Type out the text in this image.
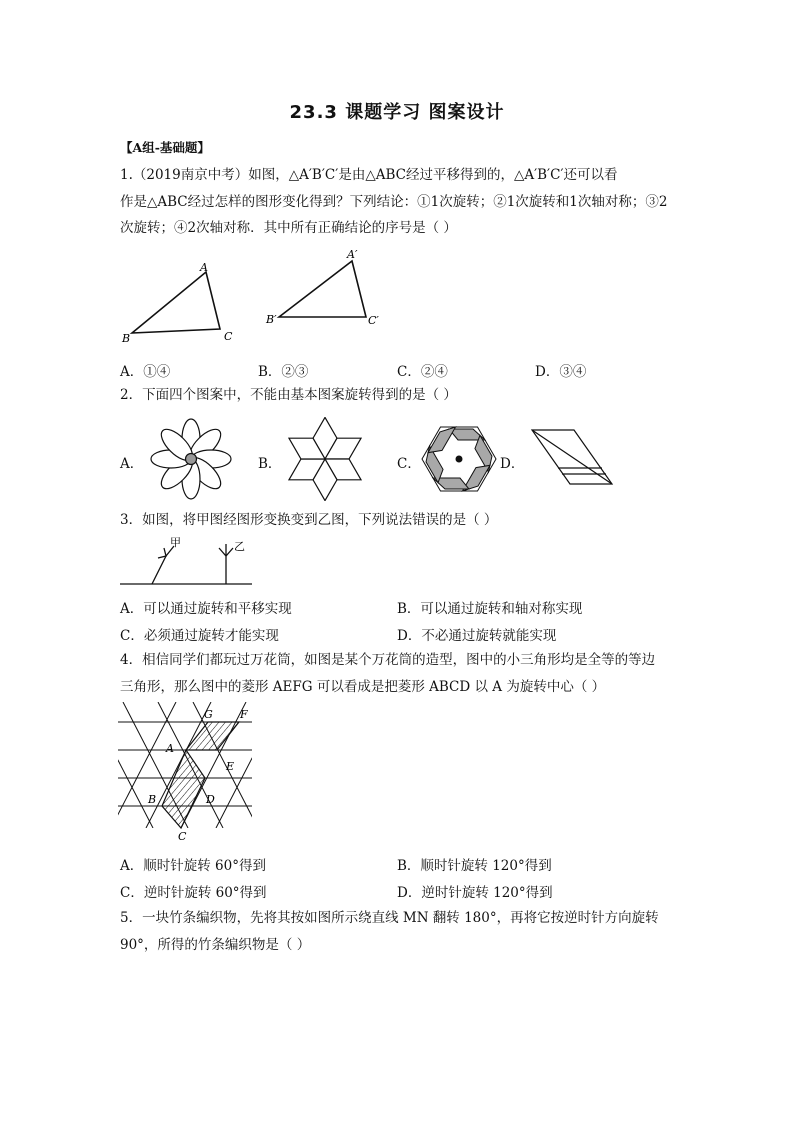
23.3 课题学习 图案设计
【A组-基础题】
1.（2019南京中考）如图，△A′B′C′是由△ABC经过平移得到的，△A′B′C′还可以看
作是△ABC经过怎样的图形变化得到？下列结论：①1次旋转；②1次旋转和1次轴对称；③2
次旋转；④2次轴对称．其中所有正确结论的序号是（ ）
A
B	C
A′
B′	C′
A．①④	B．②③	C．②④	D．③④
2．下面四个图案中，不能由基本图案旋转得到的是（ ）
A．	B．	C．	D．
3．如图，将甲图经图形变换变到乙图，下列说法错误的是（ ）
甲	乙
A．可以通过旋转和平移实现	B．可以通过旋转和轴对称实现
C．必须通过旋转才能实现	D．不必通过旋转就能实现
4．相信同学们都玩过万花筒，如图是某个万花筒的造型，图中的小三角形均是全等的等边
三角形，那么图中的菱形 AEFG 可以看成是把菱形 ABCD 以 A 为旋转中心（ ）
G F
A
E
B	D
C
A．顺时针旋转 60°得到	B．顺时针旋转 120°得到
C．逆时针旋转 60°得到	D．逆时针旋转 120°得到
5．一块竹条编织物，先将其按如图所示绕直线 MN 翻转 180°，再将它按逆时针方向旋转
90°，所得的竹条编织物是（ ）
